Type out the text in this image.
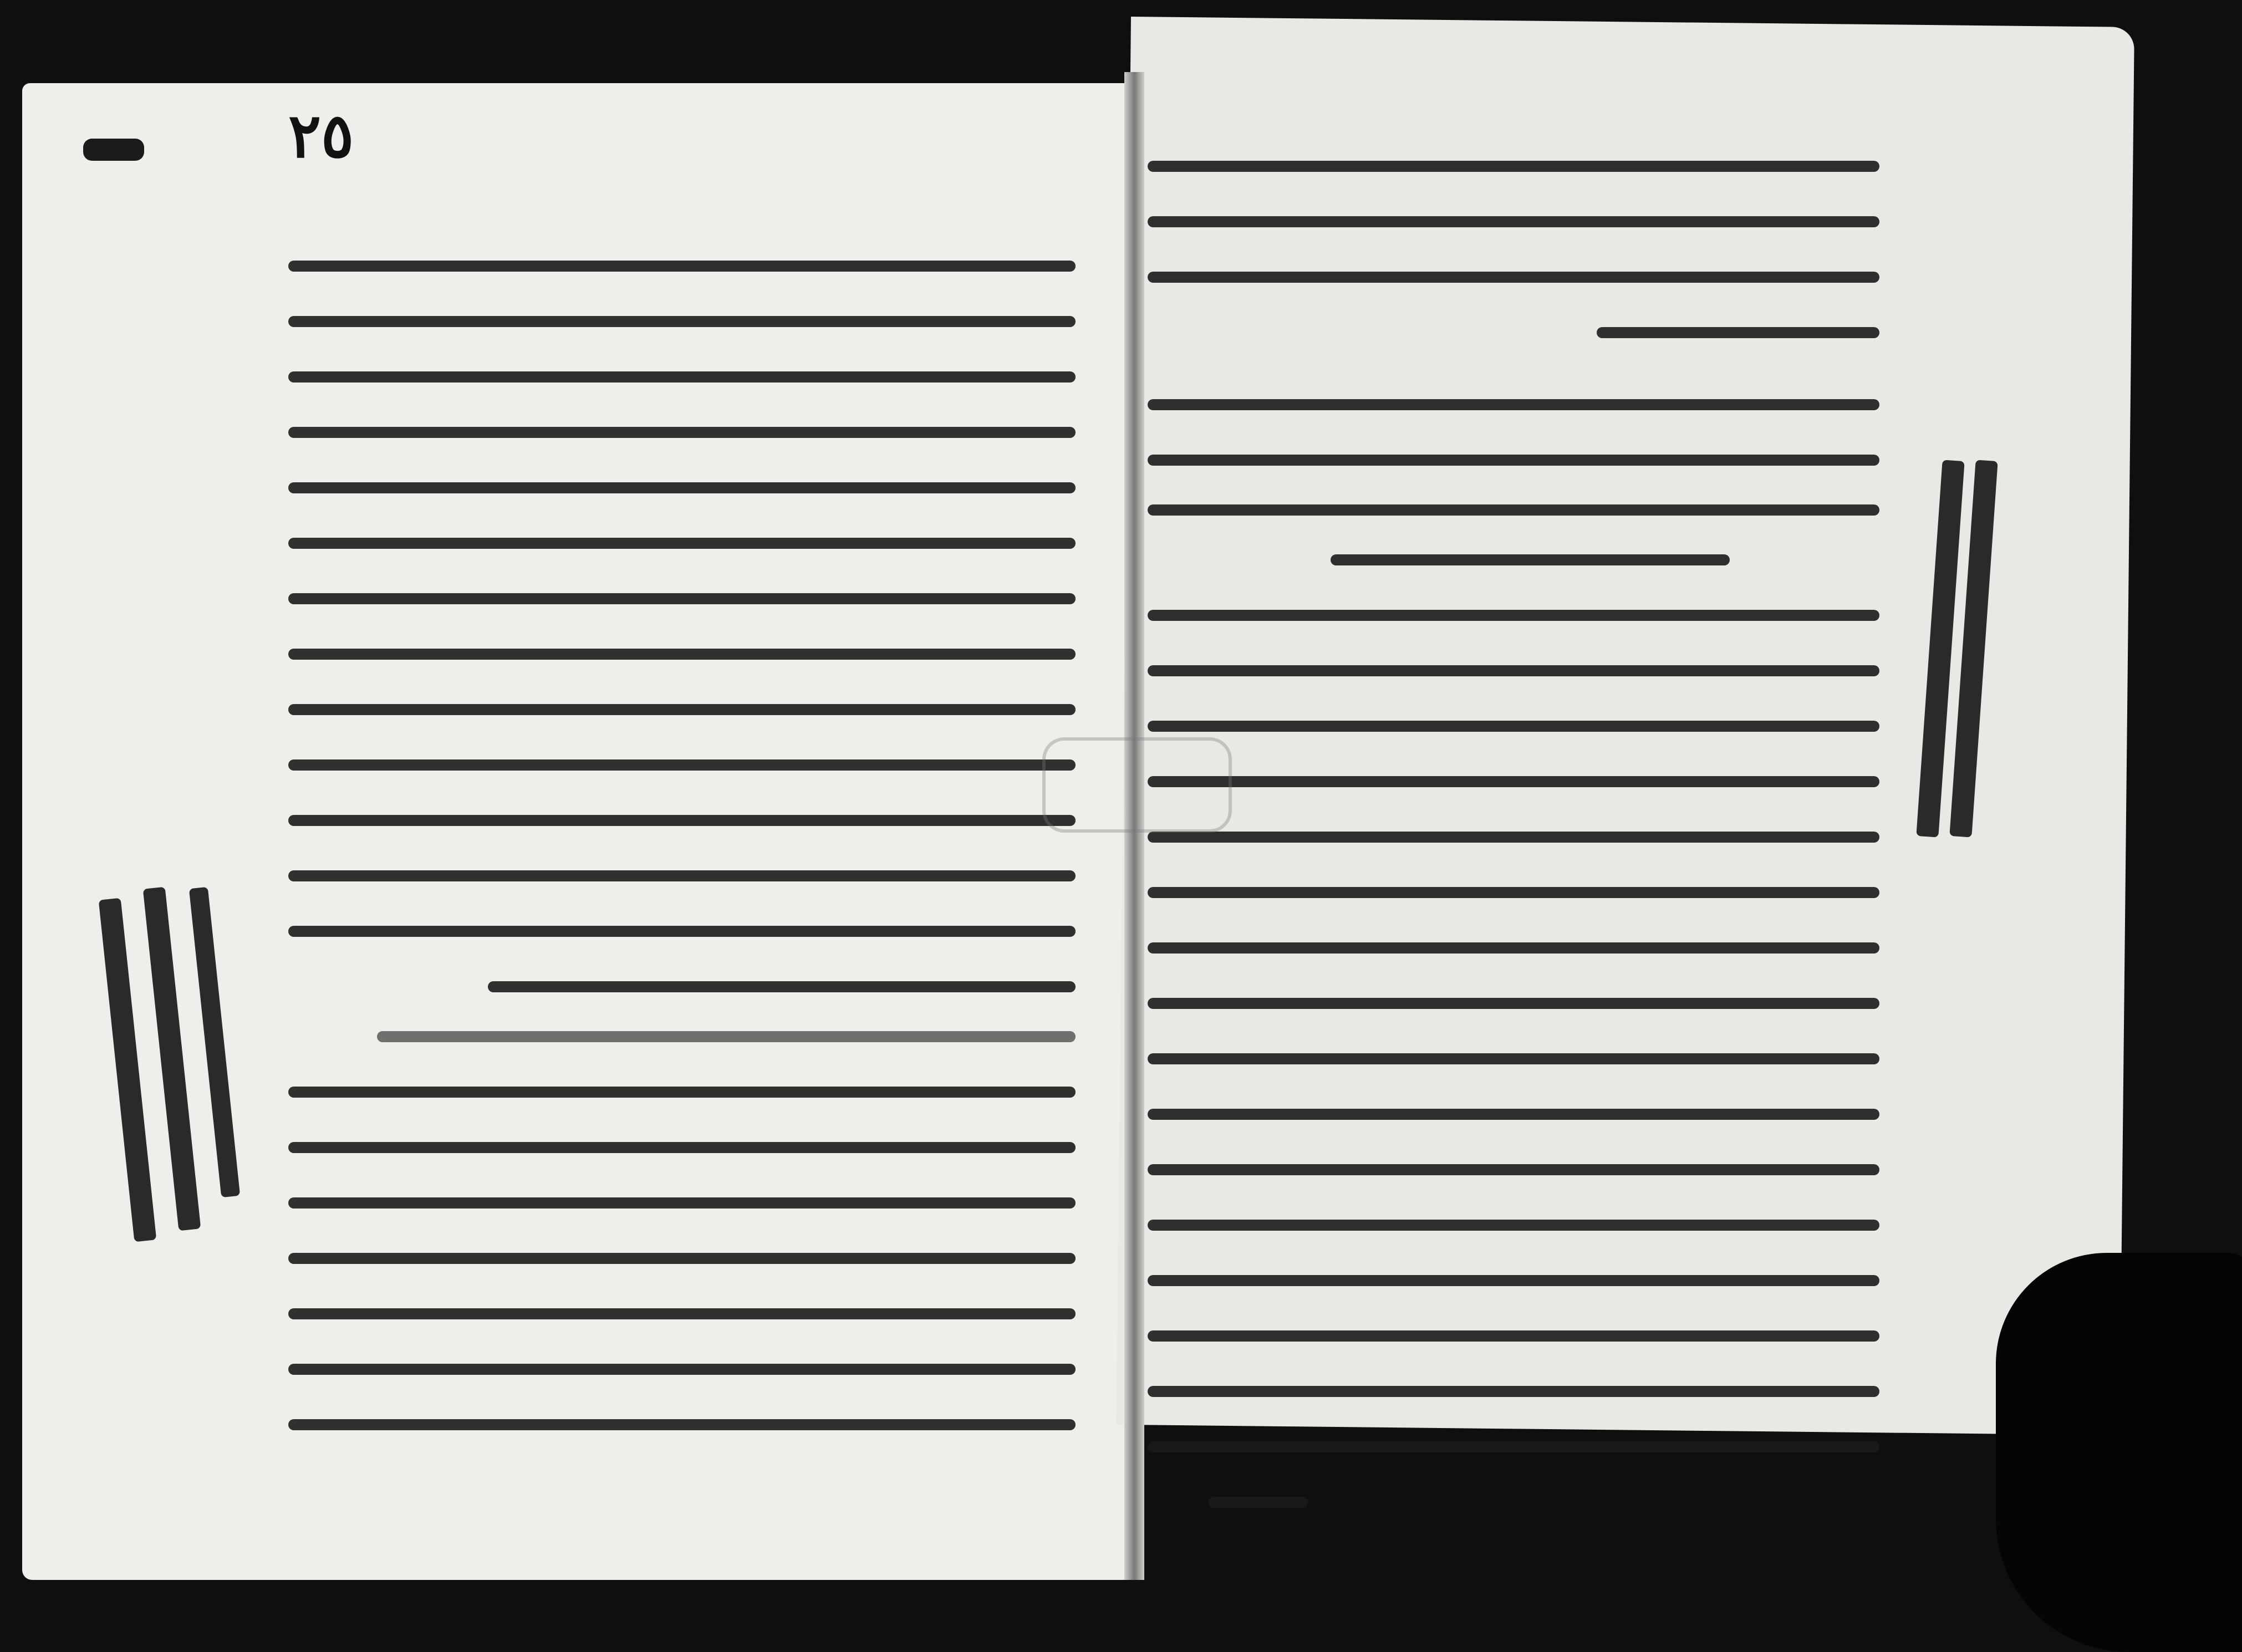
٢٥
